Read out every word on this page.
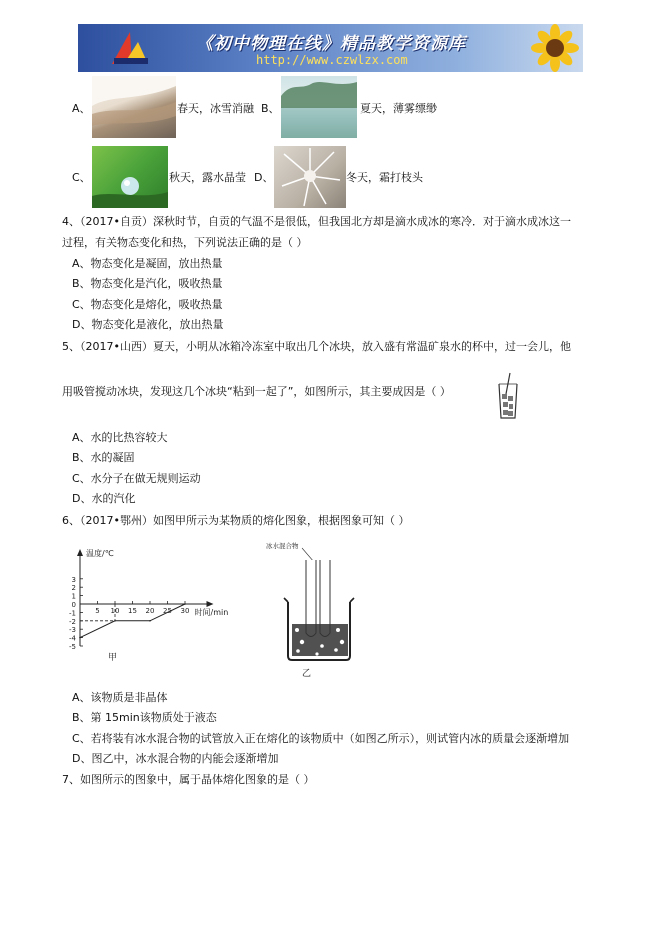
《初中物理在线》精品教学资源库
http://www.czwlzx.com
A、	春天，冰雪消融 B、	夏天，薄雾缥缈
C、	秋天，露水晶莹 D、	冬天，霜打枝头
4、（2017•自贡）深秋时节，自贡的气温不是很低，但我国北方却是滴水成冰的寒冷．对于滴水成冰这一
过程，有关物态变化和热，下列说法正确的是（ ）
A、物态变化是凝固，放出热量
B、物态变化是汽化，吸收热量
C、物态变化是熔化，吸收热量
D、物态变化是液化，放出热量
5、（2017•山西）夏天，小明从冰箱冷冻室中取出几个冰块，放入盛有常温矿泉水的杯中，过一会儿，他
用吸管搅动冰块，发现这几个冰块“粘到一起了”，如图所示，其主要成因是（ ）
A、水的比热容较大
B、水的凝固
C、水分子在做无规则运动
D、水的汽化
6、（2017•鄂州）如图甲所示为某物质的熔化图象，根据图象可知（ ）
3
2
1
0
-1
-2
-3
-4
-5
5 10 15 20 25 30
温度/℃
时间/min
甲
冰水混合物
乙
A、该物质是非晶体
B、第 15min该物质处于液态
C、若将装有冰水混合物的试管放入正在熔化的该物质中（如图乙所示），则试管内冰的质量会逐渐增加
D、图乙中，冰水混合物的内能会逐渐增加
7、如图所示的图象中，属于晶体熔化图象的是（ ）
